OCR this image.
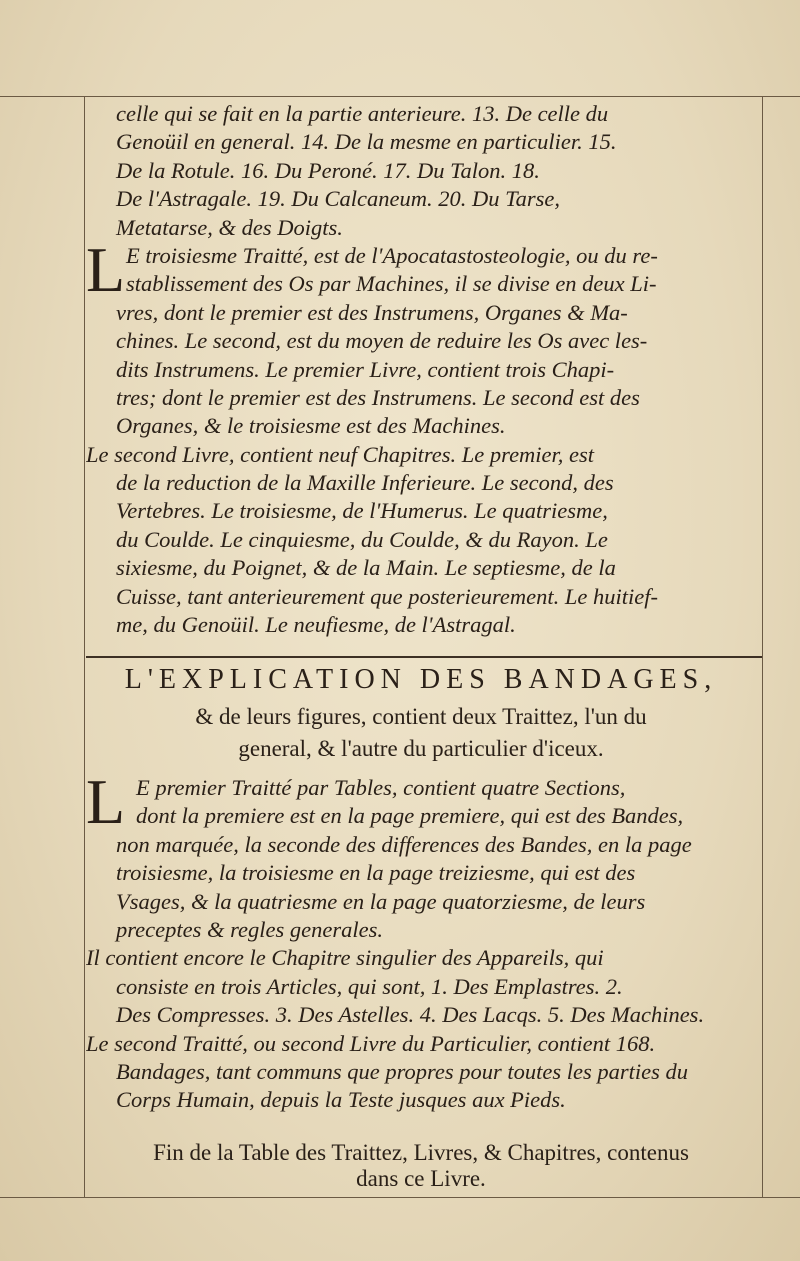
celle qui se fait en la partie anterieure. 13. De celle du
Genoüil en general. 14. De la mesme en particulier. 15.
De la Rotule. 16. Du Peroné. 17. Du Talon. 18.
De l'Astragale. 19. Du Calcaneum. 20. Du Tarse,
Metatarse, & des Doigts.
L E troisiesme Traitté, est de l'Apocatastosteologie, ou du re-
stablissement des Os par Machines, il se divise en deux Li-
vres, dont le premier est des Instrumens, Organes & Ma-
chines. Le second, est du moyen de reduire les Os avec les-
dits Instrumens. Le premier Livre, contient trois Chapi-
tres; dont le premier est des Instrumens. Le second est des
Organes, & le troisiesme est des Machines.
Le second Livre, contient neuf Chapitres. Le premier, est
de la reduction de la Maxille Inferieure. Le second, des
Vertebres. Le troisiesme, de l'Humerus. Le quatriesme,
du Coulde. Le cinquiesme, du Coulde, & du Rayon. Le
sixiesme, du Poignet, & de la Main. Le septiesme, de la
Cuisse, tant anterieurement que posterieurement. Le huitief-
me, du Genoüil. Le neufiesme, de l'Astragal.
L'EXPLICATION DES BANDAGES,
& de leurs figures, contient deux Traittez, l'un du
general, & l'autre du particulier d'iceux.
L E premier Traitté par Tables, contient quatre Sections,
dont la premiere est en la page premiere, qui est des Bandes,
non marquée, la seconde des differences des Bandes, en la page
troisiesme, la troisiesme en la page treiziesme, qui est des
Vsages, & la quatriesme en la page quatorziesme, de leurs
preceptes & regles generales.
Il contient encore le Chapitre singulier des Appareils, qui
consiste en trois Articles, qui sont, 1. Des Emplastres. 2.
Des Compresses. 3. Des Astelles. 4. Des Lacqs. 5. Des Machines.
Le second Traitté, ou second Livre du Particulier, contient 168.
Bandages, tant communs que propres pour toutes les parties du
Corps Humain, depuis la Teste jusques aux Pieds.
Fin de la Table des Traittez, Livres, & Chapitres, contenus
dans ce Livre.
